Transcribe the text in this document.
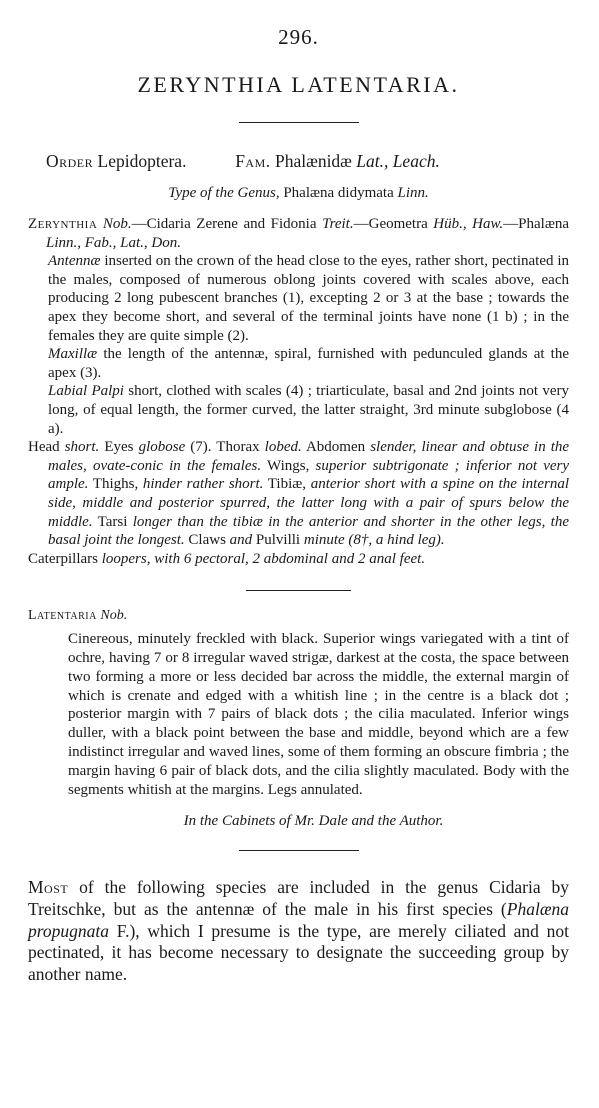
296.
ZERYNTHIA LATENTARIA.
Order Lepidoptera.	Fam. Phalænidæ Lat., Leach.
Type of the Genus, Phalæna didymata Linn.

Zerynthia Nob.—Cidaria Zerene and Fidonia Treit.—Geometra Hüb., Haw.—Phalæna Linn., Fab., Lat., Don.

Antennæ inserted on the crown of the head close to the eyes, rather short, pectinated in the males, composed of numerous oblong joints covered with scales above, each producing 2 long pubescent branches (1), excepting 2 or 3 at the base ; towards the apex they become short, and several of the terminal joints have none (1 b) ; in the females they are quite simple (2).

Maxillæ the length of the antennæ, spiral, furnished with pedunculed glands at the apex (3).

Labial Palpi short, clothed with scales (4) ; triarticulate, basal and 2nd joints not very long, of equal length, the former curved, the latter straight, 3rd minute subglobose (4 a).

Head short. Eyes globose (7). Thorax lobed. Abdomen slender, linear and obtuse in the males, ovate-conic in the females. Wings, superior subtrigonate ; inferior not very ample. Thighs, hinder rather short. Tibiæ, anterior short with a spine on the internal side, middle and posterior spurred, the latter long with a pair of spurs below the middle. Tarsi longer than the tibiæ in the anterior and shorter in the other legs, the basal joint the longest. Claws and Pulvilli minute (8†, a hind leg).

Caterpillars loopers, with 6 pectoral, 2 abdominal and 2 anal feet.

Latentaria Nob.

Cinereous, minutely freckled with black. Superior wings variegated with a tint of ochre, having 7 or 8 irregular waved strigæ, darkest at the costa, the space between two forming a more or less decided bar across the middle, the external margin of which is crenate and edged with a whitish line ; in the centre is a black dot ; posterior margin with 7 pairs of black dots ; the cilia maculated. Inferior wings duller, with a black point between the base and middle, beyond which are a few indistinct irregular and waved lines, some of them forming an obscure fimbria ; the margin having 6 pair of black dots, and the cilia slightly maculated. Body with the segments whitish at the margins. Legs annulated.

In the Cabinets of Mr. Dale and the Author.

Most of the following species are included in the genus Cidaria by Treitschke, but as the antennæ of the male in his first species (Phalæna propugnata F.), which I presume is the type, are merely ciliated and not pectinated, it has become necessary to designate the succeeding group by another name.
